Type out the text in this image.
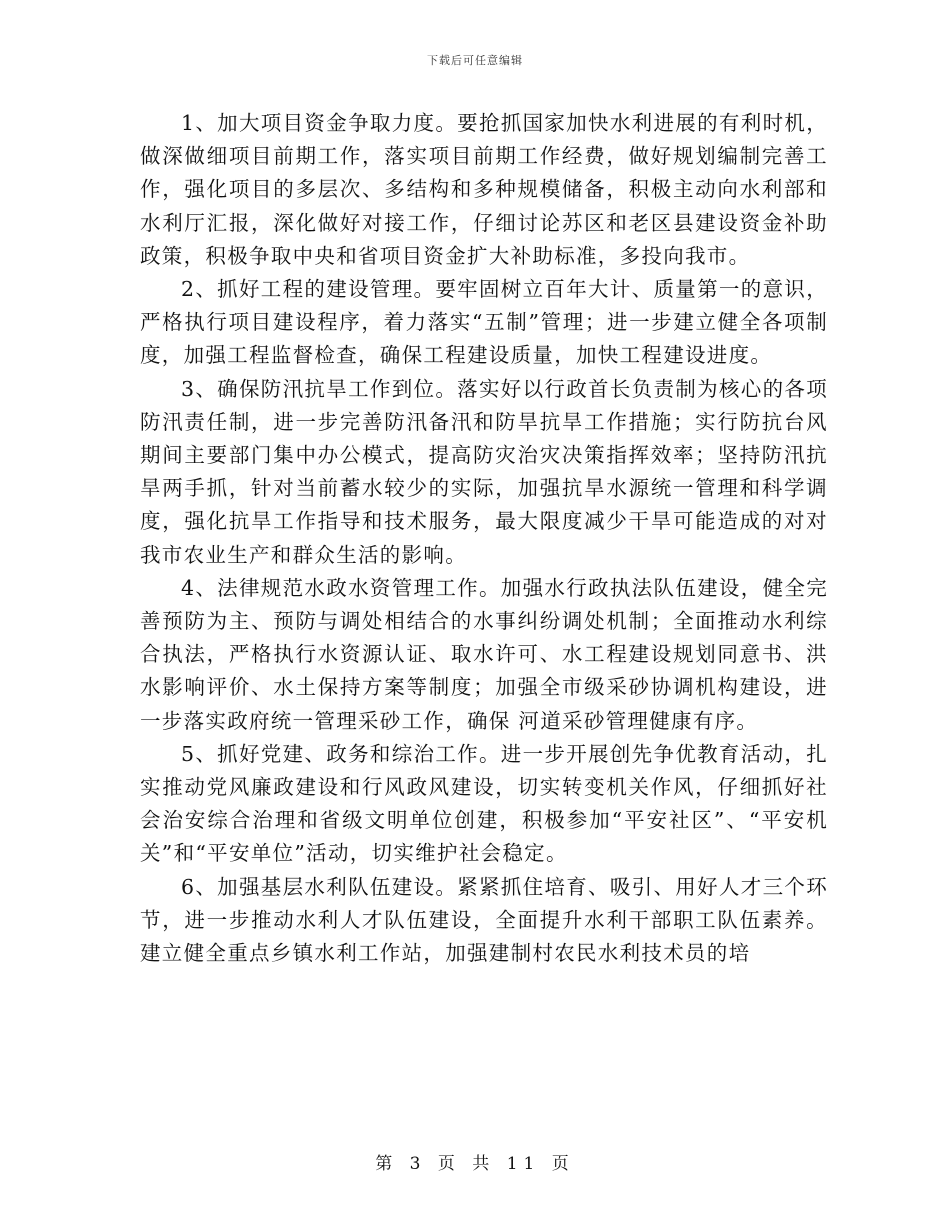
下载后可任意编辑

1、加大项目资金争取力度。要抢抓国家加快水利进展的有利时机，做深做细项目前期工作，落实项目前期工作经费，做好规划编制完善工作，强化项目的多层次、多结构和多种规模储备，积极主动向水利部和水利厅汇报，深化做好对接工作，仔细讨论苏区和老区县建设资金补助政策，积极争取中央和省项目资金扩大补助标准，多投向我市。

2、抓好工程的建设管理。要牢固树立百年大计、质量第一的意识，严格执行项目建设程序，着力落实“五制”管理；进一步建立健全各项制度，加强工程监督检查，确保工程建设质量，加快工程建设进度。

3、确保防汛抗旱工作到位。落实好以行政首长负责制为核心的各项防汛责任制，进一步完善防汛备汛和防旱抗旱工作措施；实行防抗台风期间主要部门集中办公模式，提高防灾治灾决策指挥效率；坚持防汛抗旱两手抓，针对当前蓄水较少的实际，加强抗旱水源统一管理和科学调度，强化抗旱工作指导和技术服务，最大限度减少干旱可能造成的对对我市农业生产和群众生活的影响。

4、法律规范水政水资管理工作。加强水行政执法队伍建设，健全完善预防为主、预防与调处相结合的水事纠纷调处机制；全面推动水利综合执法，严格执行水资源认证、取水许可、水工程建设规划同意书、洪水影响评价、水土保持方案等制度；加强全市级采砂协调机构建设，进一步落实政府统一管理采砂工作，确保 河道采砂管理健康有序。

5、抓好党建、政务和综治工作。进一步开展创先争优教育活动，扎实推动党风廉政建设和行风政风建设，切实转变机关作风，仔细抓好社会治安综合治理和省级文明单位创建，积极参加“平安社区”、“平安机关”和“平安单位”活动，切实维护社会稳定。

6、加强基层水利队伍建设。紧紧抓住培育、吸引、用好人才三个环节，进一步推动水利人才队伍建设，全面提升水利干部职工队伍素养。建立健全重点乡镇水利工作站，加强建制村农民水利技术员的培

第 3 页 共 11 页
